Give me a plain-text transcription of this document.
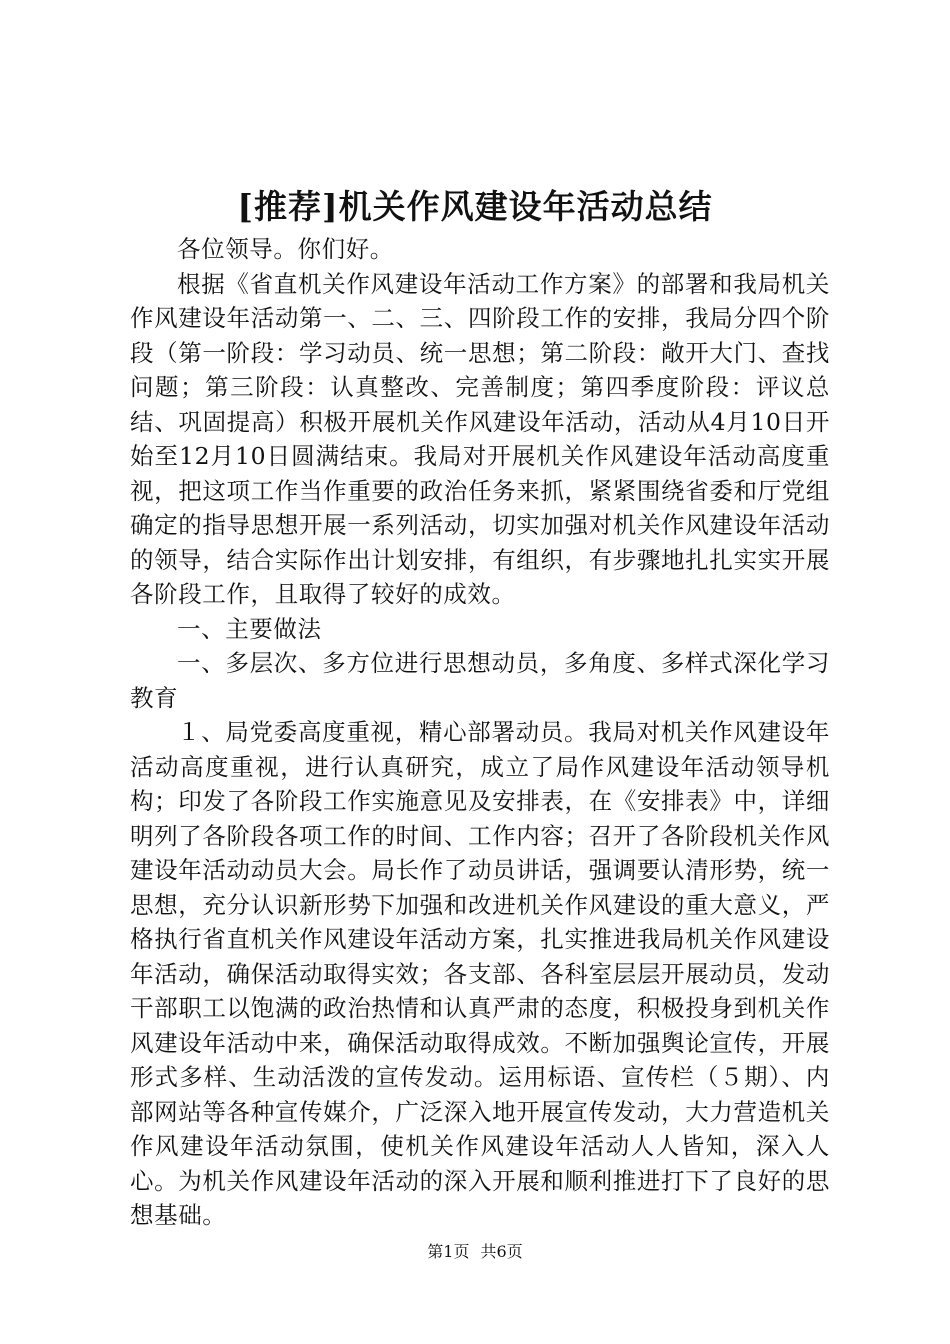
[推荐]机关作风建设年活动总结

各位领导。你们好。

根据《省直机关作风建设年活动工作方案》的部署和我局机关作风建设年活动第一、二、三、四阶段工作的安排，我局分四个阶段（第一阶段：学习动员、统一思想；第二阶段：敞开大门、查找问题；第三阶段：认真整改、完善制度；第四季度阶段：评议总结、巩固提高）积极开展机关作风建设年活动，活动从4月10日开始至12月10日圆满结束。我局对开展机关作风建设年活动高度重视，把这项工作当作重要的政治任务来抓，紧紧围绕省委和厅党组确定的指导思想开展一系列活动，切实加强对机关作风建设年活动的领导，结合实际作出计划安排，有组织，有步骤地扎扎实实开展各阶段工作，且取得了较好的成效。

一、主要做法

一、多层次、多方位进行思想动员，多角度、多样式深化学习教育

１、局党委高度重视，精心部署动员。我局对机关作风建设年活动高度重视，进行认真研究，成立了局作风建设年活动领导机构；印发了各阶段工作实施意见及安排表，在《安排表》中，详细明列了各阶段各项工作的时间、工作内容；召开了各阶段机关作风建设年活动动员大会。局长作了动员讲话，强调要认清形势，统一思想，充分认识新形势下加强和改进机关作风建设的重大意义，严格执行省直机关作风建设年活动方案，扎实推进我局机关作风建设年活动，确保活动取得实效；各支部、各科室层层开展动员，发动干部职工以饱满的政治热情和认真严肃的态度，积极投身到机关作风建设年活动中来，确保活动取得成效。不断加强舆论宣传，开展形式多样、生动活泼的宣传发动。运用标语、宣传栏（５期）、内部网站等各种宣传媒介，广泛深入地开展宣传发动，大力营造机关作风建设年活动氛围，使机关作风建设年活动人人皆知，深入人心。为机关作风建设年活动的深入开展和顺利推进打下了良好的思想基础。

第1页 共6页
